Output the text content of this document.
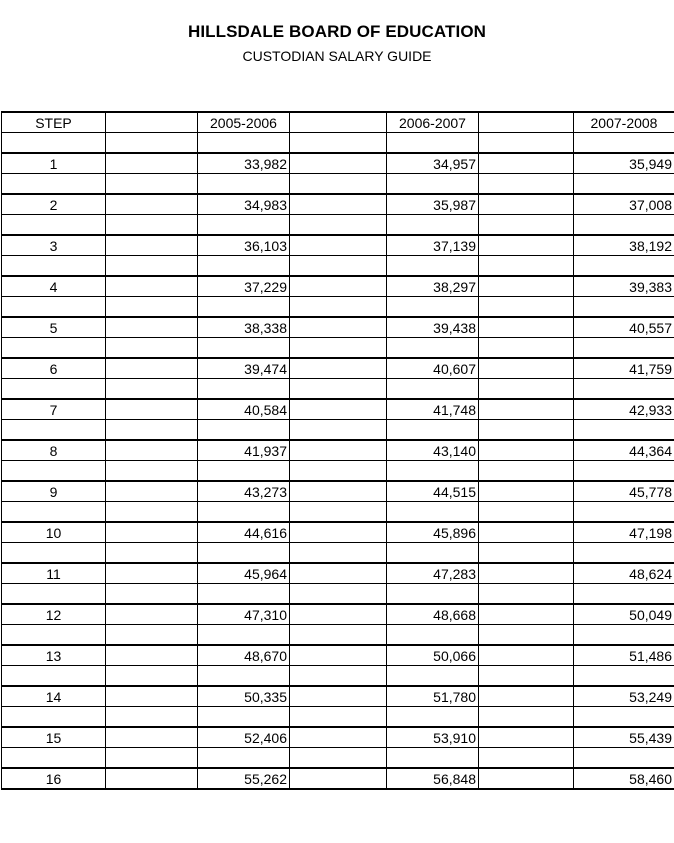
HILLSDALE BOARD OF EDUCATION
CUSTODIAN SALARY GUIDE
STEP		2005-2006		2006-2007		2007-2008

1		33,982		34,957		35,949

2		34,983		35,987		37,008

3		36,103		37,139		38,192

4		37,229		38,297		39,383

5		38,338		39,438		40,557

6		39,474		40,607		41,759

7		40,584		41,748		42,933

8		41,937		43,140		44,364

9		43,273		44,515		45,778

10		44,616		45,896		47,198

11		45,964		47,283		48,624

12		47,310		48,668		50,049

13		48,670		50,066		51,486

14		50,335		51,780		53,249

15		52,406		53,910		55,439

16		55,262		56,848		58,460
